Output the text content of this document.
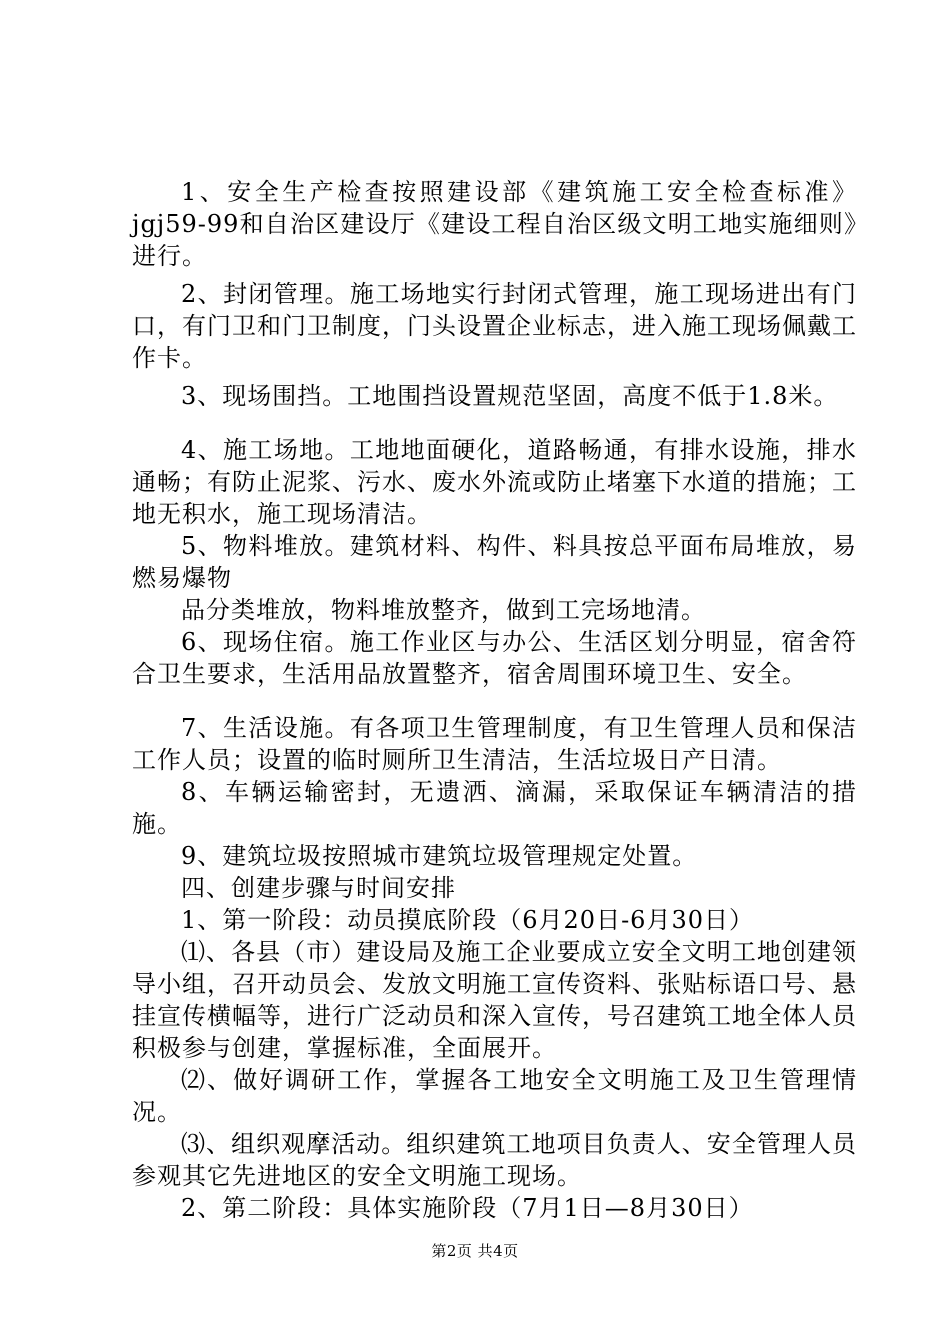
1、安全生产检查按照建设部《建筑施工安全检查标准》jgj59-99和自治区建设厅《建设工程自治区级文明工地实施细则》进行。

2、封闭管理。施工场地实行封闭式管理，施工现场进出有门口，有门卫和门卫制度，门头设置企业标志，进入施工现场佩戴工作卡。

3、现场围挡。工地围挡设置规范坚固，高度不低于1.8米。

4、施工场地。工地地面硬化，道路畅通，有排水设施，排水通畅；有防止泥浆、污水、废水外流或防止堵塞下水道的措施；工地无积水，施工现场清洁。

5、物料堆放。建筑材料、构件、料具按总平面布局堆放，易燃易爆物

品分类堆放，物料堆放整齐，做到工完场地清。

6、现场住宿。施工作业区与办公、生活区划分明显，宿舍符合卫生要求，生活用品放置整齐，宿舍周围环境卫生、安全。

7、生活设施。有各项卫生管理制度，有卫生管理人员和保洁工作人员；设置的临时厕所卫生清洁，生活垃圾日产日清。

8、车辆运输密封，无遗洒、滴漏，采取保证车辆清洁的措施。

9、建筑垃圾按照城市建筑垃圾管理规定处置。

四、创建步骤与时间安排

1、第一阶段：动员摸底阶段（6月20日-6月30日）

⑴、各县（市）建设局及施工企业要成立安全文明工地创建领导小组，召开动员会、发放文明施工宣传资料、张贴标语口号、悬挂宣传横幅等，进行广泛动员和深入宣传，号召建筑工地全体人员积极参与创建，掌握标准，全面展开。

⑵、做好调研工作，掌握各工地安全文明施工及卫生管理情况。

⑶、组织观摩活动。组织建筑工地项目负责人、安全管理人员参观其它先进地区的安全文明施工现场。

2、第二阶段：具体实施阶段（7月1日—8月30日）

第2页 共4页
